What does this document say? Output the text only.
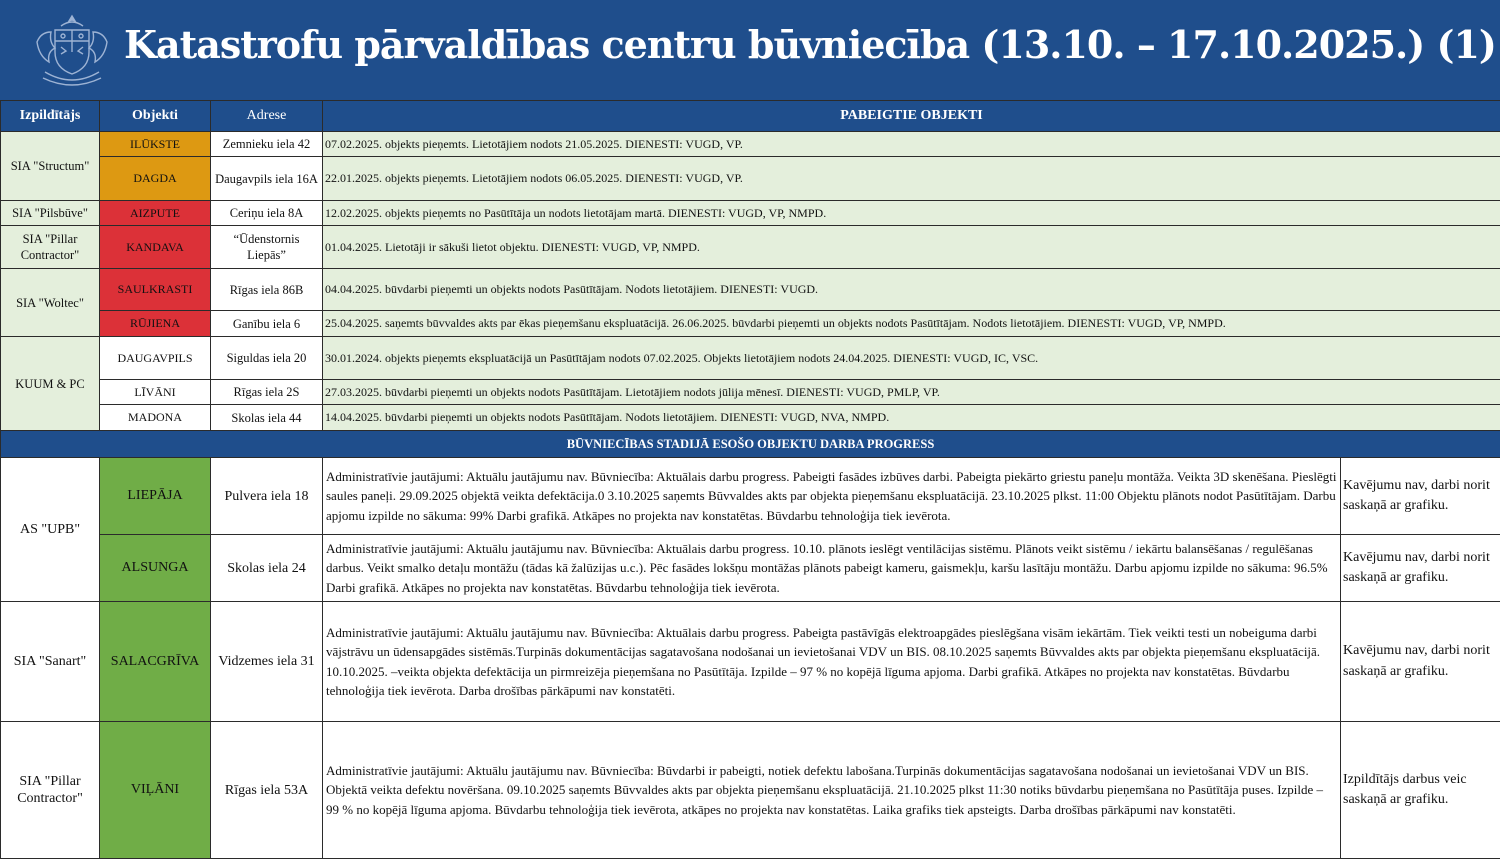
Katastrofu pārvaldības centru būvniecība (13.10. – 17.10.2025.) (1)
Izpildītājs	Objekti	Adrese	PABEIGTIE OBJEKTI	
SIA "Structum"	ILŪKSTE	Zemnieku iela 42	07.02.2025. objekts pieņemts. Lietotājiem nodots 21.05.2025. DIENESTI: VUGD, VP.	
	DAGDA	Daugavpils iela 16A	22.01.2025. objekts pieņemts. Lietotājiem nodots 06.05.2025. DIENESTI: VUGD, VP.	
SIA "Pilsbūve"	AIZPUTE	Ceriņu iela 8A	12.02.2025. objekts pieņemts no Pasūtītāja un nodots lietotājam martā. DIENESTI: VUGD, VP, NMPD.	
SIA "Pillar Contractor"	KANDAVA	“Ūdenstornis Liepās”	01.04.2025. Lietotāji ir sākuši lietot objektu. DIENESTI: VUGD, VP, NMPD.	
SIA "Woltec"	SAULKRASTI	Rīgas iela 86B	04.04.2025. būvdarbi pieņemti un objekts nodots Pasūtītājam. Nodots lietotājiem. DIENESTI: VUGD.	
	RŪJIENA	Ganību iela 6	25.04.2025. saņemts būvvaldes akts par ēkas pieņemšanu ekspluatācijā. 26.06.2025. būvdarbi pieņemti un objekts nodots Pasūtītājam. Nodots lietotājiem. DIENESTI: VUGD, VP, NMPD.	
KUUM & PC	DAUGAVPILS	Siguldas iela 20	30.01.2024. objekts pieņemts ekspluatācijā un Pasūtītājam nodots 07.02.2025. Objekts lietotājiem nodots 24.04.2025. DIENESTI: VUGD, IC, VSC.	
	LĪVĀNI	Rīgas iela 2S	27.03.2025. būvdarbi pieņemti un objekts nodots Pasūtītājam. Lietotājiem nodots jūlija mēnesī. DIENESTI: VUGD, PMLP, VP.	
	MADONA	Skolas iela 44	14.04.2025. būvdarbi pieņemti un objekts nodots Pasūtītājam. Nodots lietotājiem. DIENESTI: VUGD, NVA, NMPD.	
BŪVNIECĪBAS STADIJĀ ESOŠO OBJEKTU DARBA PROGRESS				
AS "UPB"	LIEPĀJA	Pulvera iela 18	Administratīvie jautājumi: Aktuālu jautājumu nav. Būvniecība: Aktuālais darbu progress. Pabeigti fasādes izbūves darbi. Pabeigta piekārto griestu paneļu montāža. Veikta 3D skenēšana. Pieslēgti saules paneļi. 29.09.2025 objektā veikta defektācija.0 3.10.2025 saņemts Būvvaldes akts par objekta pieņemšanu ekspluatācijā. 23.10.2025 plkst. 11:00 Objektu plānots nodot Pasūtītājam. Darbu apjomu izpilde no sākuma: 99% Darbi grafikā. Atkāpes no projekta nav konstatētas. Būvdarbu tehnoloģija tiek ievērota.	Kavējumu nav, darbi norit saskaņā ar grafiku.
	ALSUNGA	Skolas iela 24	Administratīvie jautājumi: Aktuālu jautājumu nav. Būvniecība: Aktuālais darbu progress. 10.10. plānots ieslēgt ventilācijas sistēmu. Plānots veikt sistēmu / iekārtu balansēšanas / regulēšanas darbus. Veikt smalko detaļu montāžu (tādas kā žalūzijas u.c.). Pēc fasādes lokšņu montāžas plānots pabeigt kameru, gaismekļu, karšu lasītāju montāžu. Darbu apjomu izpilde no sākuma: 96.5% Darbi grafikā. Atkāpes no projekta nav konstatētas. Būvdarbu tehnoloģija tiek ievērota.	Kavējumu nav, darbi norit saskaņā ar grafiku.
SIA "Sanart"	SALACGRĪVA	Vidzemes iela 31	Administratīvie jautājumi: Aktuālu jautājumu nav. Būvniecība: Aktuālais darbu progress. Pabeigta pastāvīgās elektroapgādes pieslēgšana visām iekārtām. Tiek veikti testi un nobeiguma darbi vājstrāvu un ūdensapgādes sistēmās.Turpinās dokumentācijas sagatavošana nodošanai un ievietošanai VDV un BIS. 08.10.2025 saņemts Būvvaldes akts par objekta pieņemšanu ekspluatācijā. 10.10.2025. –veikta objekta defektācija un pirmreizēja pieņemšana no Pasūtītāja. Izpilde – 97 % no kopējā līguma apjoma. Darbi grafikā. Atkāpes no projekta nav konstatētas. Būvdarbu tehnoloģija tiek ievērota. Darba drošības pārkāpumi nav konstatēti.	Kavējumu nav, darbi norit saskaņā ar grafiku.
SIA "Pillar Contractor"	VIĻĀNI	Rīgas iela 53A	Administratīvie jautājumi: Aktuālu jautājumu nav. Būvniecība: Būvdarbi ir pabeigti, notiek defektu labošana.Turpinās dokumentācijas sagatavošana nodošanai un ievietošanai VDV un BIS. Objektā veikta defektu novēršana. 09.10.2025 saņemts Būvvaldes akts par objekta pieņemšanu ekspluatācijā. 21.10.2025 plkst 11:30 notiks būvdarbu pieņemšana no Pasūtītāja puses. Izpilde – 99 % no kopējā līguma apjoma. Būvdarbu tehnoloģija tiek ievērota, atkāpes no projekta nav konstatētas. Laika grafiks tiek apsteigts. Darba drošības pārkāpumi nav konstatēti.	Izpildītājs darbus veic saskaņā ar grafiku.
